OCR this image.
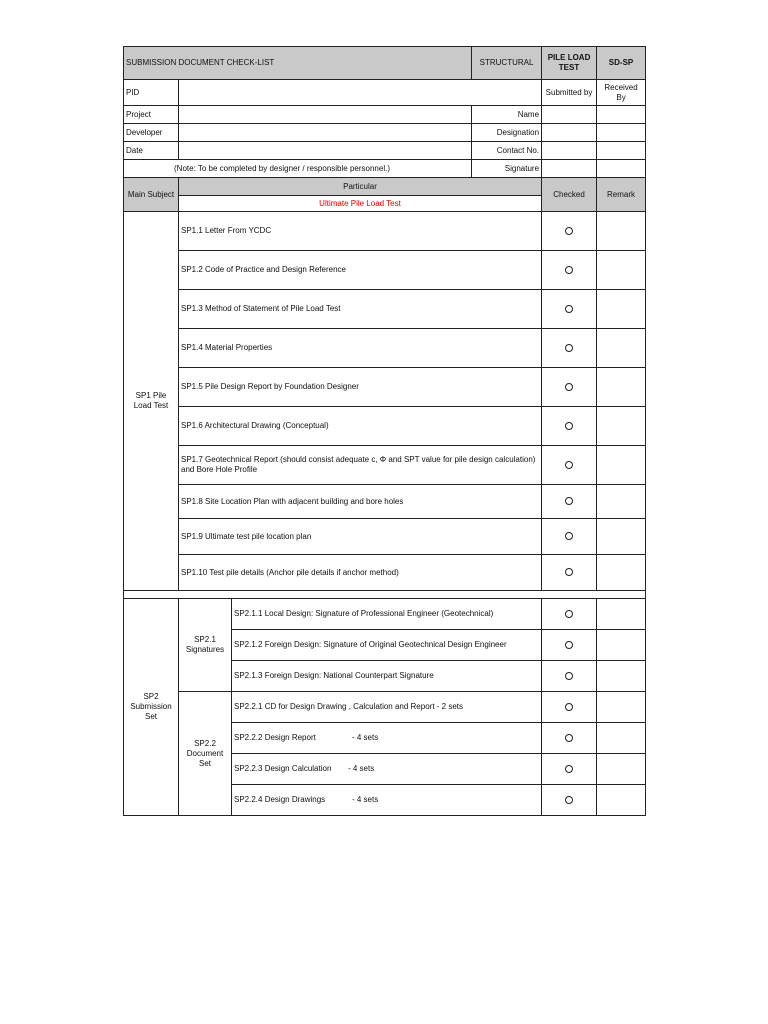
SUBMISSION DOCUMENT CHECK-LIST			STRUCTURAL	PILE LOAD TEST	SD-SP
PID				Submitted by	Received By
Project			Name		
Developer			Designation		
Date			Contact No.		
(Note: To be completed by designer / responsible personnel.)			Signature		
Main Subject	Particular			Checked	Remark
	Ultimate Pile Load Test				
SP1 Pile Load Test	SP1.1 Letter From YCDC				
	SP1.2 Code of Practice and Design Reference				
	SP1.3 Method of Statement of Pile Load Test				
	SP1.4 Material Properties				
	SP1.5 Pile Design Report by Foundation Designer				
	SP1.6 Architectural Drawing (Conceptual)				
	SP1.7 Geotechnical Report (should consist adequate c, Φ and SPT value for pile design calculation) and Bore Hole Profile				
	SP1.8 Site Location Plan with adjacent building and bore holes				
	SP1.9 Ultimate test pile location plan				
	SP1.10 Test pile details (Anchor pile details if anchor method)				

SP2 Submission Set	SP2.1 Signatures	SP2.1.1 Local Design: Signature of Professional Engineer (Geotechnical)			
		SP2.1.2 Foreign Design: Signature of Original Geotechnical Design Engineer			
		SP2.1.3 Foreign Design: National Counterpart Signature			
	SP2.2 Document Set	SP2.2.1 CD for Design Drawing , Calculation and Report - 2 sets			
		SP2.2.2 Design Report - 4 sets			
		SP2.2.3 Design Calculation - 4 sets			
		SP2.2.4 Design Drawings - 4 sets			
